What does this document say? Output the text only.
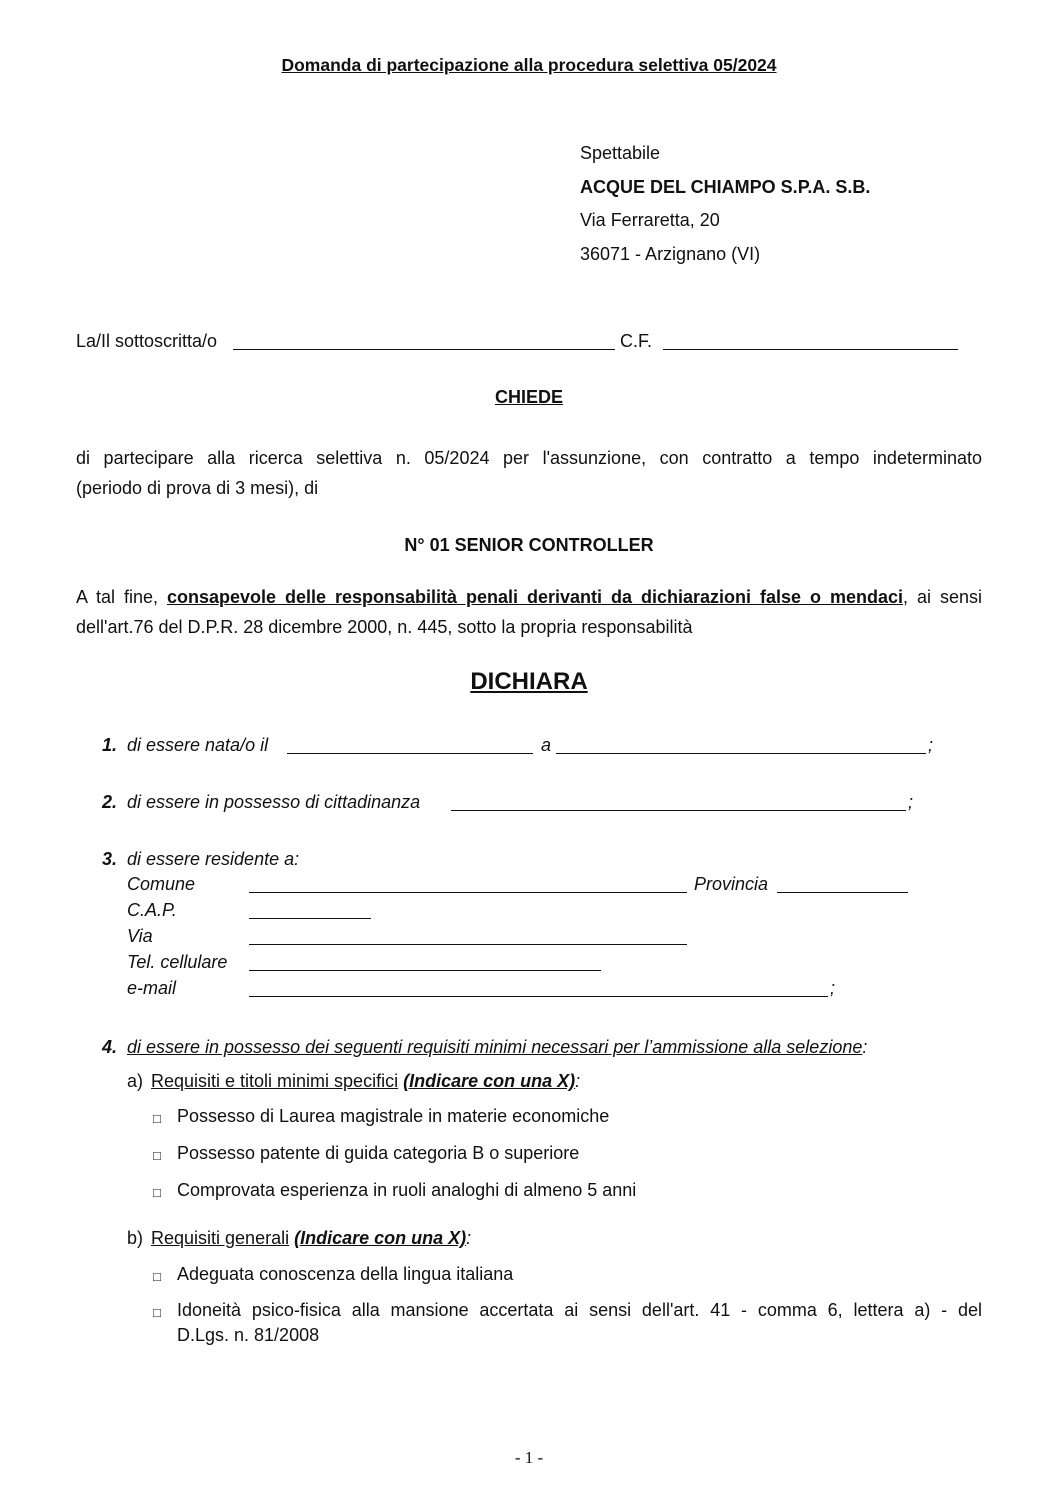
Domanda di partecipazione alla procedura selettiva 05/2024
Spettabile
ACQUE DEL CHIAMPO S.P.A. S.B.
Via Ferraretta, 20
36071 - Arzignano (VI)
La/Il sottoscritta/o	C.F.
CHIEDE
di partecipare alla ricerca selettiva n. 05/2024 per l'assunzione, con contratto a tempo indeterminato
(periodo di prova di 3 mesi), di
N° 01 SENIOR CONTROLLER
A tal fine, consapevole delle responsabilità penali derivanti da dichiarazioni false o mendaci, ai sensi
dell'art.76 del D.P.R. 28 dicembre 2000, n. 445, sotto la propria responsabilità
DICHIARA
1. di essere nata/o il	a	;
2. di essere in possesso di cittadinanza	;
3. di essere residente a:
Comune	Provincia
C.A.P.
Via
Tel. cellulare
e-mail	;
4. di essere in possesso dei seguenti requisiti minimi necessari per l’ammissione alla selezione:
a) Requisiti e titoli minimi specifici (Indicare con una X):
□ Possesso di Laurea magistrale in materie economiche
□ Possesso patente di guida categoria B o superiore
□ Comprovata esperienza in ruoli analoghi di almeno 5 anni
b) Requisiti generali (Indicare con una X):
□ Adeguata conoscenza della lingua italiana
□ Idoneità psico-fisica alla mansione accertata ai sensi dell'art. 41 - comma 6, lettera a) - del
D.Lgs. n. 81/2008
- 1 -
